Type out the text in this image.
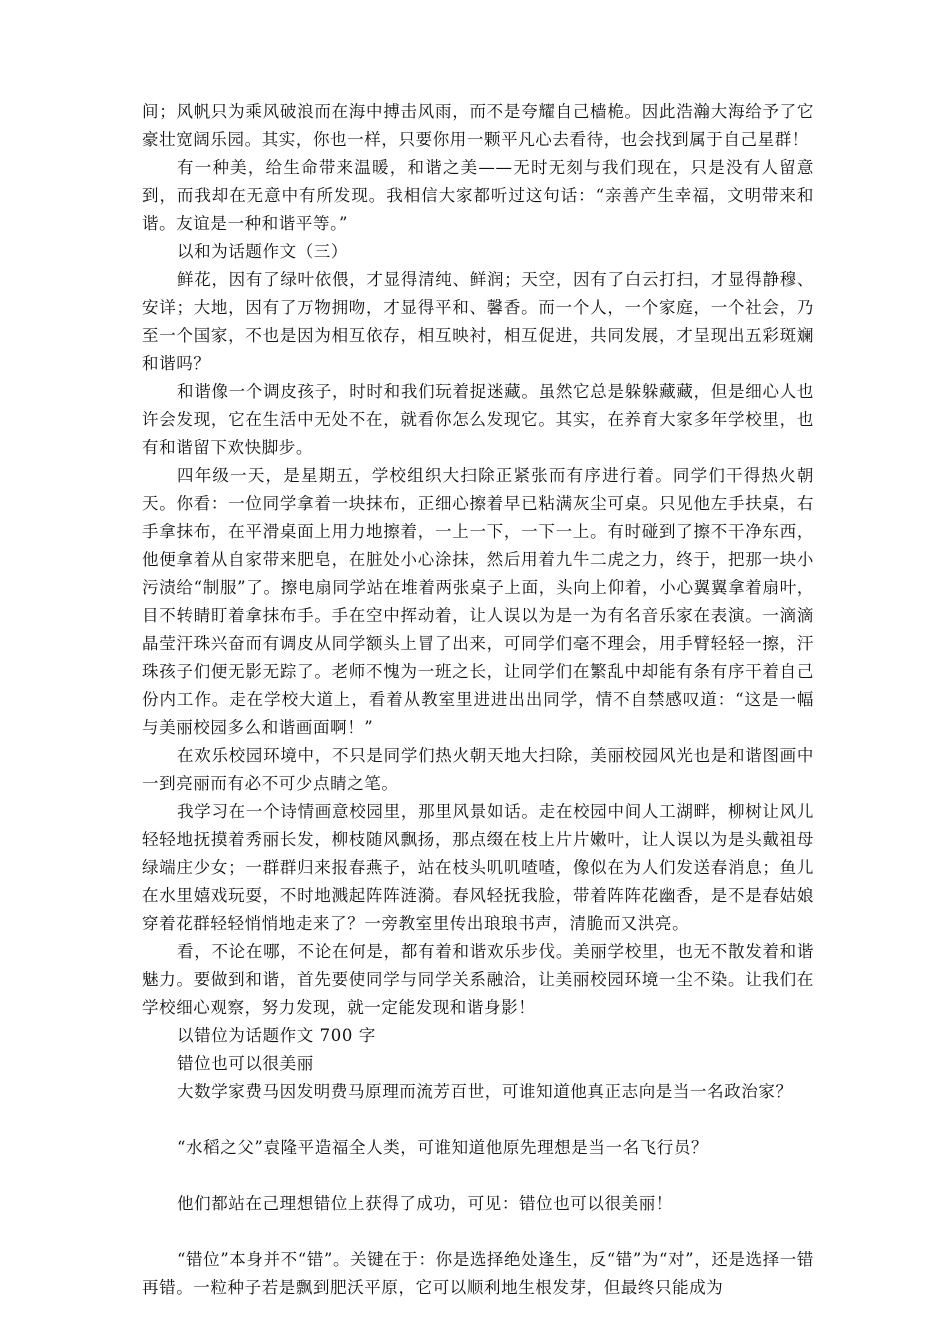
间；风帆只为乘风破浪而在海中搏击风雨，而不是夸耀自己樯桅。因此浩瀚大海给予了它豪壮宽阔乐园。其实，你也一样，只要你用一颗平凡心去看待，也会找到属于自己星群！

有一种美，给生命带来温暖，和谐之美——无时无刻与我们现在，只是没有人留意到，而我却在无意中有所发现。我相信大家都听过这句话：“亲善产生幸福，文明带来和谐。友谊是一种和谐平等。”

以和为话题作文（三）

鲜花，因有了绿叶依偎，才显得清纯、鲜润；天空，因有了白云打扫，才显得静穆、安详；大地，因有了万物拥吻，才显得平和、馨香。而一个人，一个家庭，一个社会，乃至一个国家，不也是因为相互依存，相互映衬，相互促进，共同发展，才呈现出五彩斑斓和谐吗？

和谐像一个调皮孩子，时时和我们玩着捉迷藏。虽然它总是躲躲藏藏，但是细心人也许会发现，它在生活中无处不在，就看你怎么发现它。其实，在养育大家多年学校里，也有和谐留下欢快脚步。

四年级一天，是星期五，学校组织大扫除正紧张而有序进行着。同学们干得热火朝天。你看：一位同学拿着一块抹布，正细心擦着早已粘满灰尘可桌。只见他左手扶桌，右手拿抹布，在平滑桌面上用力地擦着，一上一下，一下一上。有时碰到了擦不干净东西，他便拿着从自家带来肥皂，在脏处小心涂抹，然后用着九牛二虎之力，终于，把那一块小污渍给“制服”了。擦电扇同学站在堆着两张桌子上面，头向上仰着，小心翼翼拿着扇叶，目不转睛盯着拿抹布手。手在空中挥动着，让人误以为是一为有名音乐家在表演。一滴滴晶莹汗珠兴奋而有调皮从同学额头上冒了出来，可同学们毫不理会，用手臂轻轻一擦，汗珠孩子们便无影无踪了。老师不愧为一班之长，让同学们在繁乱中却能有条有序干着自己份内工作。走在学校大道上，看着从教室里进进出出同学，情不自禁感叹道：“这是一幅与美丽校园多么和谐画面啊！”

在欢乐校园环境中，不只是同学们热火朝天地大扫除，美丽校园风光也是和谐图画中一到亮丽而有必不可少点睛之笔。

我学习在一个诗情画意校园里，那里风景如话。走在校园中间人工湖畔，柳树让风儿轻轻地抚摸着秀丽长发，柳枝随风飘扬，那点缀在枝上片片嫩叶，让人误以为是头戴祖母绿端庄少女；一群群归来报春燕子，站在枝头叽叽喳喳，像似在为人们发送春消息；鱼儿在水里嬉戏玩耍，不时地溅起阵阵涟漪。春风轻抚我脸，带着阵阵花幽香，是不是春姑娘穿着花群轻轻悄悄地走来了？一旁教室里传出琅琅书声，清脆而又洪亮。

看，不论在哪，不论在何是，都有着和谐欢乐步伐。美丽学校里，也无不散发着和谐魅力。要做到和谐，首先要使同学与同学关系融洽，让美丽校园环境一尘不染。让我们在学校细心观察，努力发现，就一定能发现和谐身影！

以错位为话题作文 700 字

错位也可以很美丽

大数学家费马因发明费马原理而流芳百世，可谁知道他真正志向是当一名政治家？

“水稻之父”袁隆平造福全人类，可谁知道他原先理想是当一名飞行员？

他们都站在己理想错位上获得了成功，可见：错位也可以很美丽！

“错位”本身并不“错”。关键在于：你是选择绝处逢生，反“错”为“对”，还是选择一错再错。一粒种子若是飘到肥沃平原，它可以顺利地生根发芽，但最终只能成为
